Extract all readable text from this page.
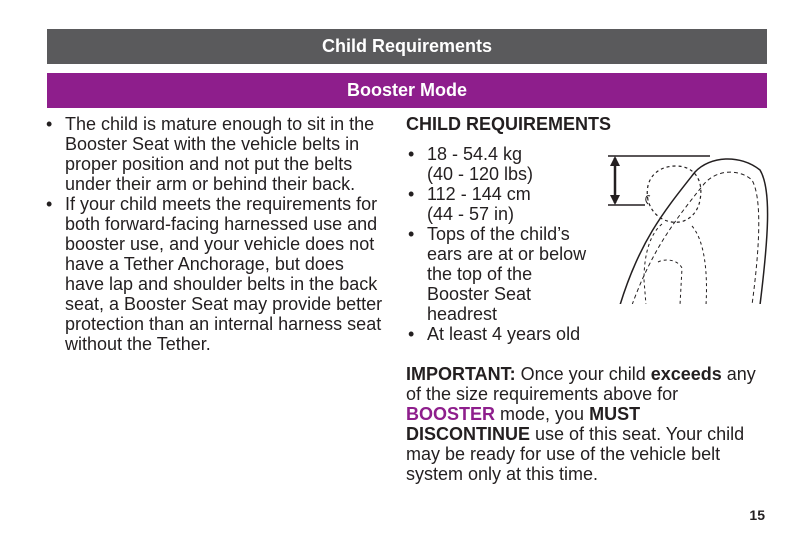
Child Requirements
Booster Mode
• The child is mature enough to sit in the Booster Seat with the vehicle belts in proper position and not put the belts under their arm or behind their back.
• If your child meets the requirements for both forward-facing harnessed use and booster use, and your vehicle does not have a Tether Anchorage, but does have lap and shoulder belts in the back seat, a Booster Seat may provide better protection than an internal harness seat without the Tether.
CHILD REQUIREMENTS
• 18 - 54.4 kg
(40 - 120 lbs)
• 112 - 144 cm
(44 - 57 in)
• Tops of the child’s ears are at or below the top of the Booster Seat headrest
• At least 4 years old
IMPORTANT: Once your child exceeds any of the size requirements above for BOOSTER mode, you MUST DISCONTINUE use of this seat. Your child may be ready for use of the vehicle belt system only at this time.
15
